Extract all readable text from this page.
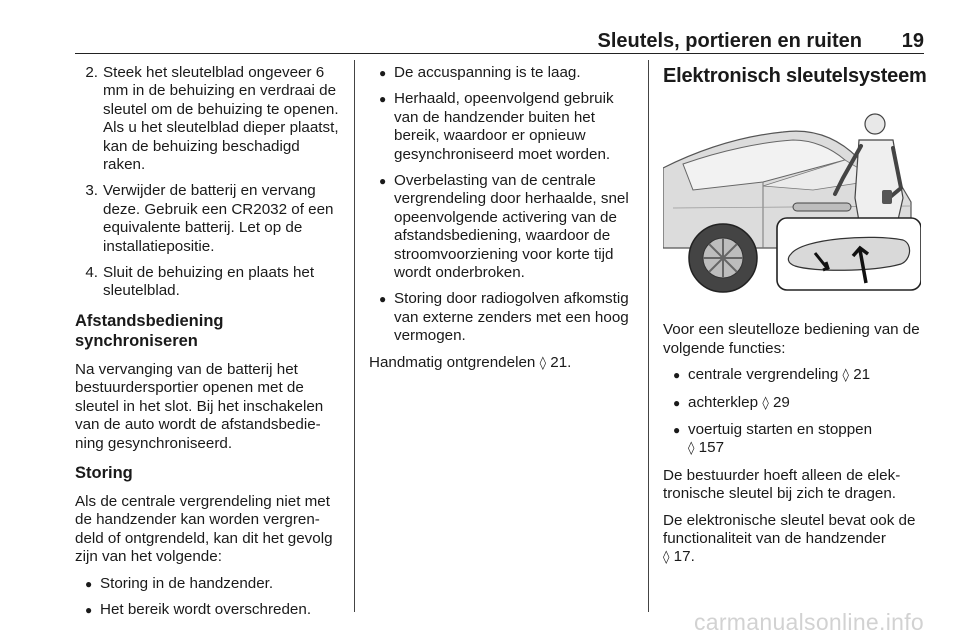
Sleutels, portieren en ruiten 19
2. Steek het sleutelblad ongeveer 6 mm in de behuizing en verdraai de sleutel om de behuizing te openen. Als u het sleutelblad dieper plaatst, kan de behuizing beschadigd raken.
3. Verwijder de batterij en vervang deze. Gebruik een CR2032 of een equivalente batterij. Let op de installatiepositie.
4. Sluit de behuizing en plaats het sleutelblad.
Afstandsbediening synchroniseren

Na vervanging van de batterij het bestuurdersportier openen met de sleutel in het slot. Bij het inschakelen van de auto wordt de afstandsbediening gesynchroniseerd.

Storing

Als de centrale vergrendeling niet met de handzender kan worden vergrendeld of ontgrendeld, kan dit het gevolg zijn van het volgende:

● Storing in de handzender.
● Het bereik wordt overschreden.
● De accuspanning is te laag.
● Herhaald, opeenvolgend gebruik van de handzender buiten het bereik, waardoor er opnieuw gesynchroniseerd moet worden.
● Overbelasting van de centrale vergrendeling door herhaalde, snel opeenvolgende activering van de afstandsbediening, waardoor de stroomvoorziening voor korte tijd wordt onderbroken.
● Storing door radiogolven afkomstig van externe zenders met een hoog vermogen.

Handmatig ontgrendelen ◊ 21.

Elektronisch sleutelsysteem

Voor een sleutelloze bediening van de volgende functies:

● centrale vergrendeling ◊ 21
● achterklep ◊ 29
● voertuig starten en stoppen
◊ 157

De bestuurder hoeft alleen de elektronische sleutel bij zich te dragen.

De elektronische sleutel bevat ook de functionaliteit van de handzender
◊ 17.

carmanualsonline.info
